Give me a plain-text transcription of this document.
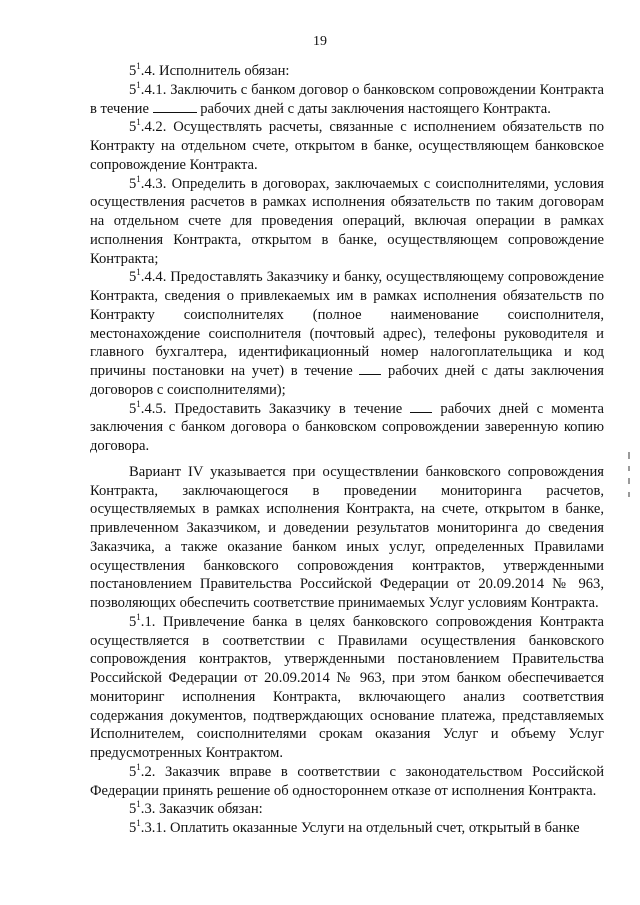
19

$5^1.4$. Исполнитель обязан:

$5^1.4.1$. Заключить с банком договор о банковском сопровождении Контракта в течение	рабочих дней с даты заключения настоящего Контракта.

$5^1.4.2$. Осуществлять расчеты, связанные с исполнением обязательств по Контракту на отдельном счете, открытом в банке, осуществляющем банковское сопровождение Контракта.

$5^1.4.3$. Определить в договорах, заключаемых с соисполнителями, условия осуществления расчетов в рамках исполнения обязательств по таким договорам на отдельном счете для проведения операций, включая операции в рамках исполнения Контракта, открытом в банке, осуществляющем сопровождение Контракта;

$5^1.4.4$. Предоставлять Заказчику и банку, осуществляющему сопровождение Контракта, сведения о привлекаемых им в рамках исполнения обязательств по Контракту соисполнителях (полное наименование соисполнителя, местонахождение соисполнителя (почтовый адрес), телефоны руководителя и главного бухгалтера, идентификационный номер налогоплательщика и код причины постановки на учет) в течение  рабочих дней с даты заключения договоров с соисполнителями);

$5^1.4.5$. Предоставить Заказчику в течение  рабочих дней с момента заключения с банком договора о банковском сопровождении заверенную копию договора.

Вариант IV указывается при осуществлении банковского сопровождения Контракта, заключающегося в проведении мониторинга расчетов, осуществляемых в рамках исполнения Контракта, на счете, открытом в банке, привлеченном Заказчиком, и доведении результатов мониторинга до сведения Заказчика, а также оказание банком иных услуг, определенных Правилами осуществления банковского сопровождения контрактов, утвержденными постановлением Правительства Российской Федерации от 20.09.2014 № 963, позволяющих обеспечить соответствие принимаемых Услуг условиям Контракта.

$5^1.1$. Привлечение банка в целях банковского сопровождения Контракта осуществляется в соответствии с Правилами осуществления банковского сопровождения контрактов, утвержденными постановлением Правительства Российской Федерации от 20.09.2014 № 963, при этом банком обеспечивается мониторинг исполнения Контракта, включающего анализ соответствия содержания документов, подтверждающих основание платежа, представляемых Исполнителем, соисполнителями срокам оказания Услуг и объему Услуг предусмотренных Контрактом.

$5^1.2$. Заказчик вправе в соответствии с законодательством Российской Федерации принять решение об одностороннем отказе от исполнения Контракта.

$5^1.3$. Заказчик обязан:

$5^1.3.1$. Оплатить оказанные Услуги на отдельный счет, открытый в банке
